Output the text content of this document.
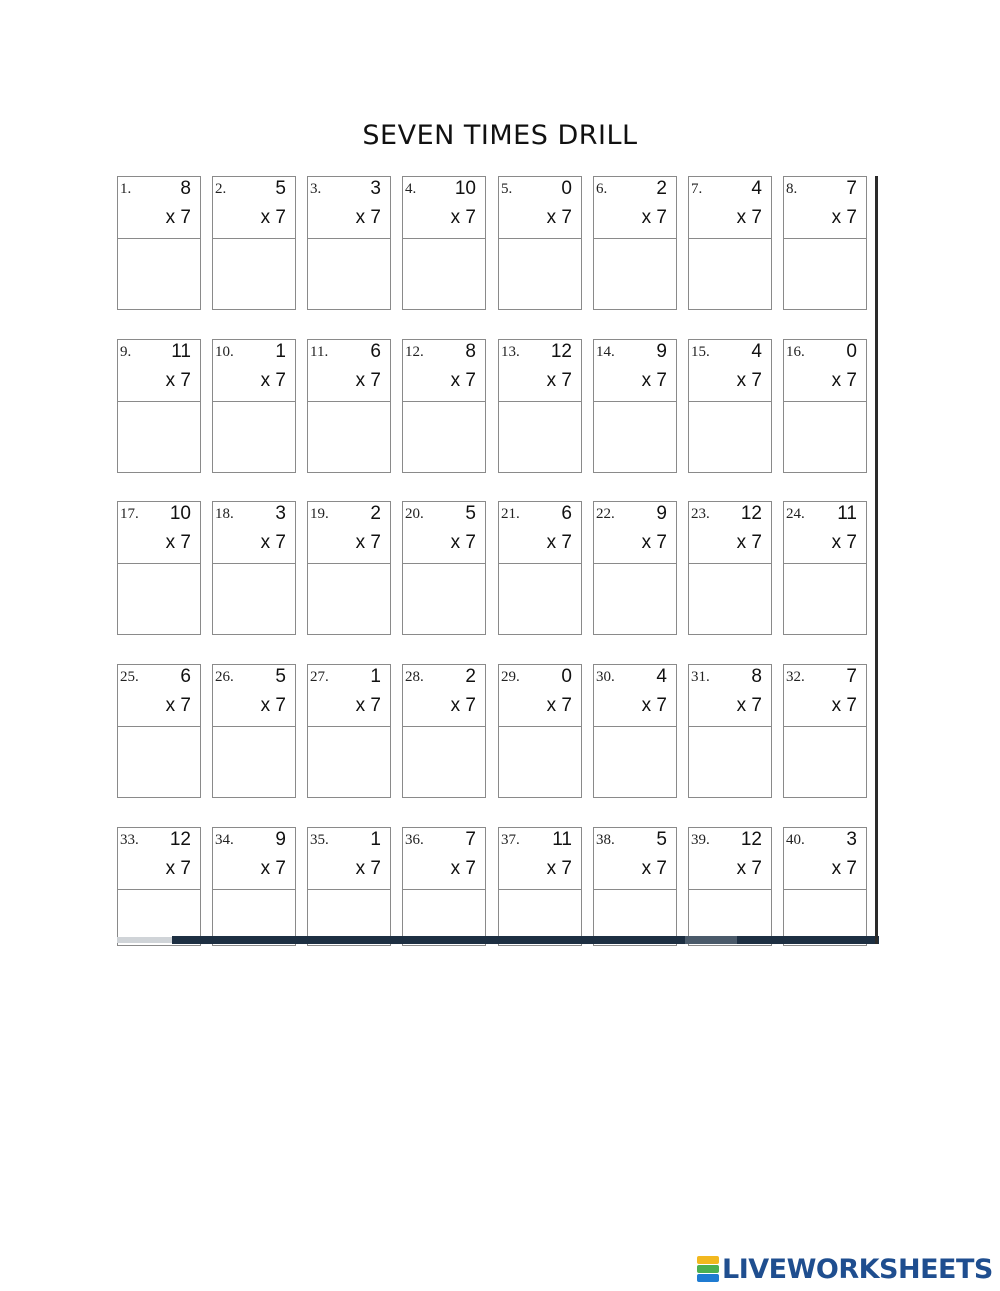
SEVEN TIMES DRILL
1.	8
x 7
2.	5
x 7
3.	3
x 7
4. 10
x 7
5.	0
x 7
6.	2
x 7
7.	4
x 7
8.	7
x 7
9. 11
x 7
10. 1
x 7
11. 6
x 7
12. 8
x 7
13. 12
x 7
14. 9
x 7
15. 4
x 7
16. 0
x 7
17. 10
x 7
18. 3
x 7
19. 2
x 7
20. 5
x 7
21. 6
x 7
22. 9
x 7
23. 12
x 7
24. 11
x 7
25. 6
x 7
26. 5
x 7
27. 1
x 7
28. 2
x 7
29. 0
x 7
30. 4
x 7
31. 8
x 7
32. 7
x 7
33. 12
x 7
34. 9
x 7
35. 1
x 7
36. 7
x 7
37. 11
x 7
38. 5
x 7
39. 12
x 7
40. 3
x 7
LIVEWORKSHEETS
